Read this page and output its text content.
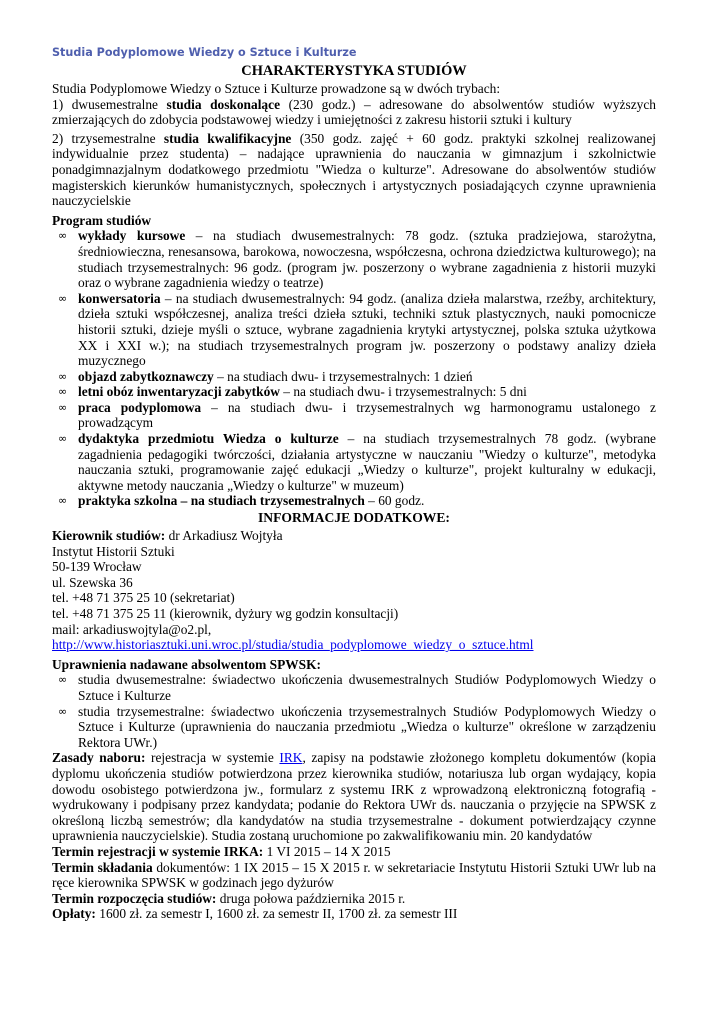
Studia Podyplomowe Wiedzy o Sztuce i Kulturze
CHARAKTERYSTYKA STUDIÓW

Studia Podyplomowe Wiedzy o Sztuce i Kulturze prowadzone są w dwóch trybach:

1) dwusemestralne studia doskonalące (230 godz.) – adresowane do absolwentów studiów wyższych zmierzających do zdobycia podstawowej wiedzy i umiejętności z zakresu historii sztuki i kultury

2) trzysemestralne studia kwalifikacyjne (350 godz. zajęć + 60 godz. praktyki szkolnej realizowanej indywidualnie przez studenta) – nadające uprawnienia do nauczania w gimnazjum i szkolnictwie ponadgimnazjalnym dodatkowego przedmiotu "Wiedza o kulturze". Adresowane do absolwentów studiów magisterskich kierunków humanistycznych, społecznych i artystycznych posiadających czynne uprawnienia nauczycielskie

Program studiów
∞ wykłady kursowe – na studiach dwusemestralnych: 78 godz. (sztuka pradziejowa, starożytna, średniowieczna, renesansowa, barokowa, nowoczesna, współczesna, ochrona dziedzictwa kulturowego); na studiach trzysemestralnych: 96 godz. (program jw. poszerzony o wybrane zagadnienia z historii muzyki oraz o wybrane zagadnienia wiedzy o teatrze)
∞ konwersatoria – na studiach dwusemestralnych: 94 godz. (analiza dzieła malarstwa, rzeźby, architektury, dzieła sztuki współczesnej, analiza treści dzieła sztuki, techniki sztuk plastycznych, nauki pomocnicze historii sztuki, dzieje myśli o sztuce, wybrane zagadnienia krytyki artystycznej, polska sztuka użytkowa XX i XXI w.); na studiach trzysemestralnych program jw. poszerzony o podstawy analizy dzieła muzycznego
∞ objazd zabytkoznawczy – na studiach dwu- i trzysemestralnych: 1 dzień
∞ letni obóz inwentaryzacji zabytków – na studiach dwu- i trzysemestralnych: 5 dni
∞ praca podyplomowa – na studiach dwu- i trzysemestralnych wg harmonogramu ustalonego z prowadzącym
∞ dydaktyka przedmiotu Wiedza o kulturze – na studiach trzysemestralnych 78 godz. (wybrane zagadnienia pedagogiki twórczości, działania artystyczne w nauczaniu "Wiedzy o kulturze", metodyka nauczania sztuki, programowanie zajęć edukacji „Wiedzy o kulturze", projekt kulturalny w edukacji, aktywne metody nauczania „Wiedzy o kulturze" w muzeum)
∞ praktyka szkolna – na studiach trzysemestralnych – 60 godz.
INFORMACJE DODATKOWE:

Kierownik studiów: dr Arkadiusz Wojtyła

Instytut Historii Sztuki

50-139 Wrocław

ul. Szewska 36

tel. +48 71 375 25 10 (sekretariat)

tel. +48 71 375 25 11 (kierownik, dyżury wg godzin konsultacji)

mail: arkadiuswojtyla@o2.pl,

http://www.historiasztuki.uni.wroc.pl/studia/studia_podyplomowe_wiedzy_o_sztuce.html

Uprawnienia nadawane absolwentom SPWSK:
∞ studia dwusemestralne: świadectwo ukończenia dwusemestralnych Studiów Podyplomowych Wiedzy o Sztuce i Kulturze
∞ studia trzysemestralne: świadectwo ukończenia trzysemestralnych Studiów Podyplomowych Wiedzy o Sztuce i Kulturze (uprawnienia do nauczania przedmiotu „Wiedza o kulturze" określone w zarządzeniu Rektora UWr.)

Zasady naboru: rejestracja w systemie IRK, zapisy na podstawie złożonego kompletu dokumentów (kopia dyplomu ukończenia studiów potwierdzona przez kierownika studiów, notariusza lub organ wydający, kopia dowodu osobistego potwierdzona jw., formularz z systemu IRK z wprowadzoną elektroniczną fotografią - wydrukowany i podpisany przez kandydata; podanie do Rektora UWr ds. nauczania o przyjęcie na SPWSK z określoną liczbą semestrów; dla kandydatów na studia trzysemestralne - dokument potwierdzający czynne uprawnienia nauczycielskie). Studia zostaną uruchomione po zakwalifikowaniu min. 20 kandydatów

Termin rejestracji w systemie IRKA: 1 VI 2015 – 14 X 2015

Termin składania dokumentów: 1 IX 2015 – 15 X 2015 r. w sekretariacie Instytutu Historii Sztuki UWr lub na ręce kierownika SPWSK w godzinach jego dyżurów

Termin rozpoczęcia studiów: druga połowa października 2015 r.

Opłaty: 1600 zł. za semestr I, 1600 zł. za semestr II, 1700 zł. za semestr III
